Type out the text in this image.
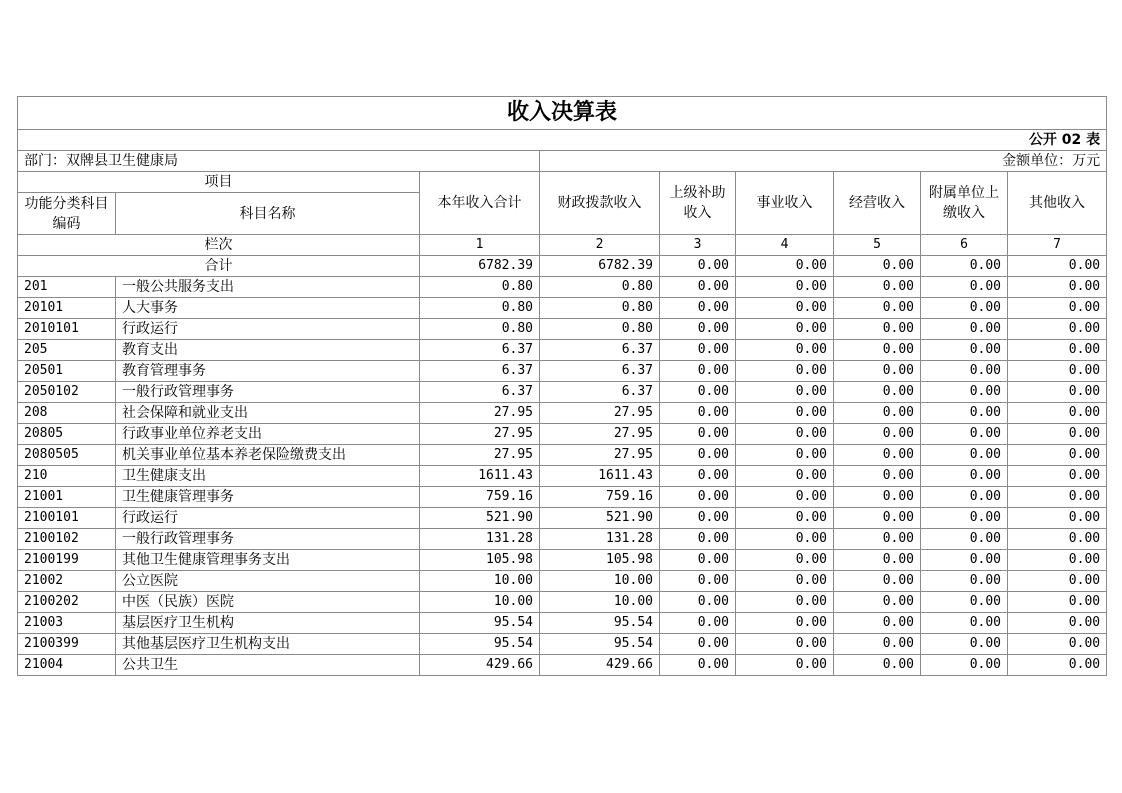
收入决算表								
公开 02 表								
部门：双牌县卫生健康局			金额单位：万元					
项目		本年收入合计	财政拨款收入	上级补助收入	事业收入	经营收入	附属单位上缴收入	其他收入
功能分类科目编码	科目名称							
栏次		1	2	3	4	5	6	7
合计		6782.39	6782.39	0.00	0.00	0.00	0.00	0.00
201	一般公共服务支出	0.80	0.80	0.00	0.00	0.00	0.00	0.00
20101	人大事务	0.80	0.80	0.00	0.00	0.00	0.00	0.00
2010101	行政运行	0.80	0.80	0.00	0.00	0.00	0.00	0.00
205	教育支出	6.37	6.37	0.00	0.00	0.00	0.00	0.00
20501	教育管理事务	6.37	6.37	0.00	0.00	0.00	0.00	0.00
2050102	一般行政管理事务	6.37	6.37	0.00	0.00	0.00	0.00	0.00
208	社会保障和就业支出	27.95	27.95	0.00	0.00	0.00	0.00	0.00
20805	行政事业单位养老支出	27.95	27.95	0.00	0.00	0.00	0.00	0.00
2080505	机关事业单位基本养老保险缴费支出	27.95	27.95	0.00	0.00	0.00	0.00	0.00
210	卫生健康支出	1611.43	1611.43	0.00	0.00	0.00	0.00	0.00
21001	卫生健康管理事务	759.16	759.16	0.00	0.00	0.00	0.00	0.00
2100101	行政运行	521.90	521.90	0.00	0.00	0.00	0.00	0.00
2100102	一般行政管理事务	131.28	131.28	0.00	0.00	0.00	0.00	0.00
2100199	其他卫生健康管理事务支出	105.98	105.98	0.00	0.00	0.00	0.00	0.00
21002	公立医院	10.00	10.00	0.00	0.00	0.00	0.00	0.00
2100202	中医（民族）医院	10.00	10.00	0.00	0.00	0.00	0.00	0.00
21003	基层医疗卫生机构	95.54	95.54	0.00	0.00	0.00	0.00	0.00
2100399	其他基层医疗卫生机构支出	95.54	95.54	0.00	0.00	0.00	0.00	0.00
21004	公共卫生	429.66	429.66	0.00	0.00	0.00	0.00	0.00
